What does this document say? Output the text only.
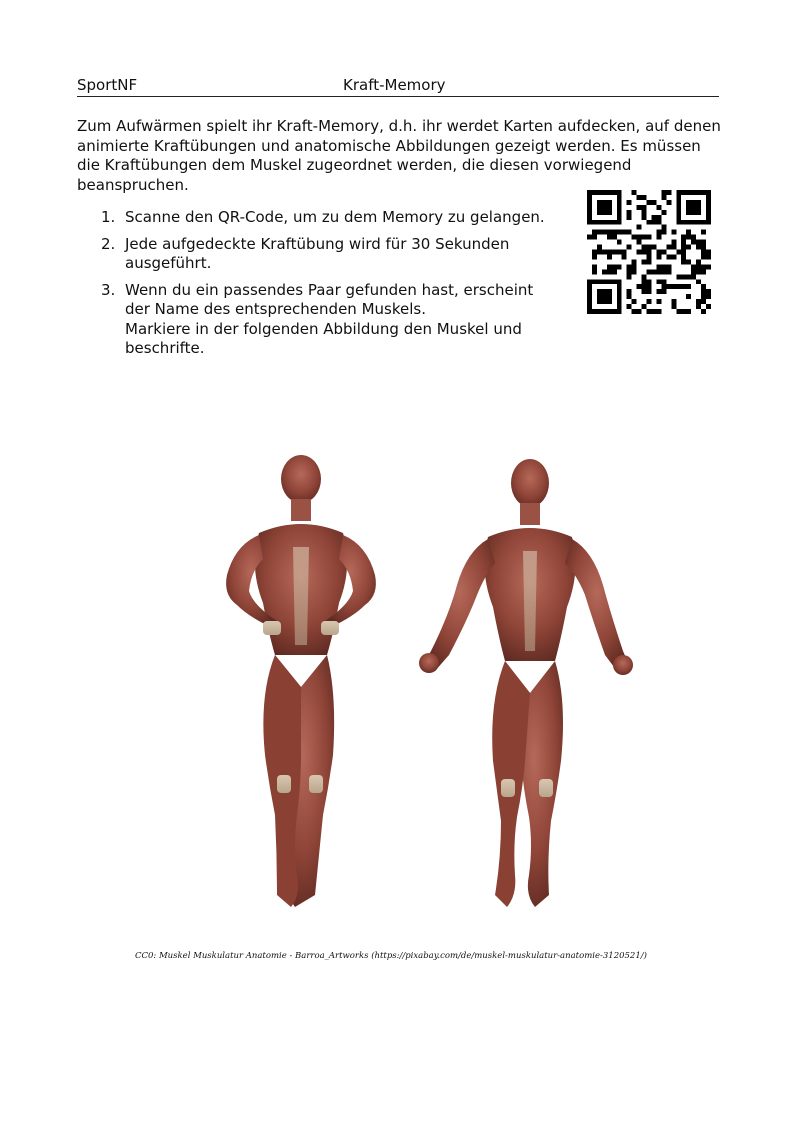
SportNF	Kraft-Memory
Zum Aufwärmen spielt ihr Kraft-Memory, d.h. ihr werdet Karten aufdecken, auf denen animierte Kraftübungen und anatomische Abbildungen gezeigt werden. Es müssen die Kraftübungen dem Muskel zugeordnet werden, die diesen vorwiegend beanspruchen.
1. Scanne den QR-Code, um zu dem Memory zu gelangen.
2. Jede aufgedeckte Kraftübung wird für 30 Sekunden
ausgeführt.
3. Wenn du ein passendes Paar gefunden hast, erscheint
der Name des entsprechenden Muskels.
Markiere in der folgenden Abbildung den Muskel und
beschrifte.
CC0: Muskel Muskulatur Anatomie - Barroa_Artworks (https://pixabay.com/de/muskel-muskulatur-anatomie-3120521/)
